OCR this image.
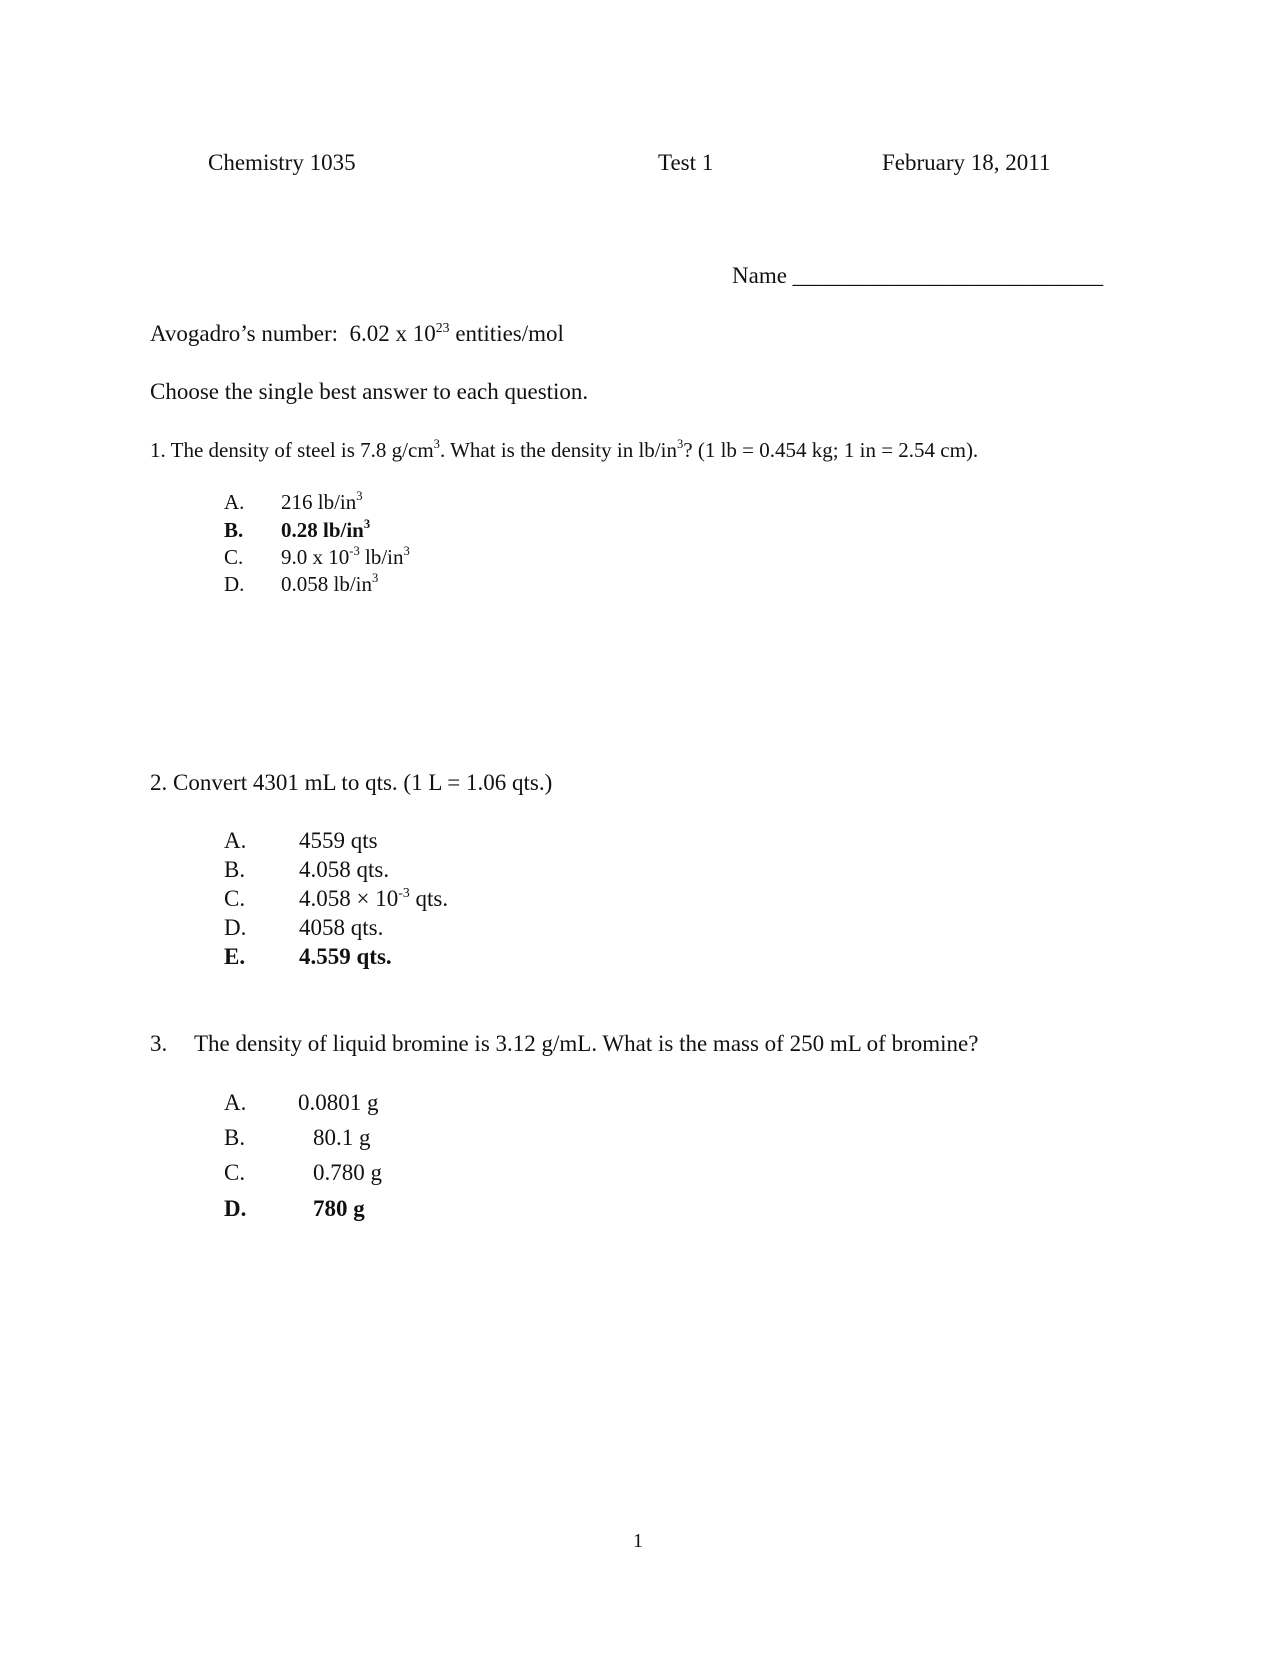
Chemistry 1035	Test 1	February 18, 2011
Name ___________________________
Avogadro’s number: 6.02 x $10^{23}$ entities/mol
Choose the single best answer to each question.
1. The density of steel is 7.8 $g/cm^3$. What is the density in $lb/in^3$? (1 lb = 0.454 kg; 1 in = 2.54 cm).
A. 216 $lb/in^3$
B. 0.28 $lb/in^3$
C. 9.0 x $10^{-3}$ $lb/in^3$
D. 0.058 $lb/in^3$
2. Convert 4301 mL to qts. (1 L = 1.06 qts.)
A. 4559 qts
B. 4.058 qts.
C. $4.058 \times 10^{-3}$ qts.
D. 4058 qts.
E. 4.559 qts.
3. The density of liquid bromine is 3.12 g/mL. What is the mass of 250 mL of bromine?
A. 0.0801 g
B.	80.1 g
C.	0.780 g
D.	780 g
1
